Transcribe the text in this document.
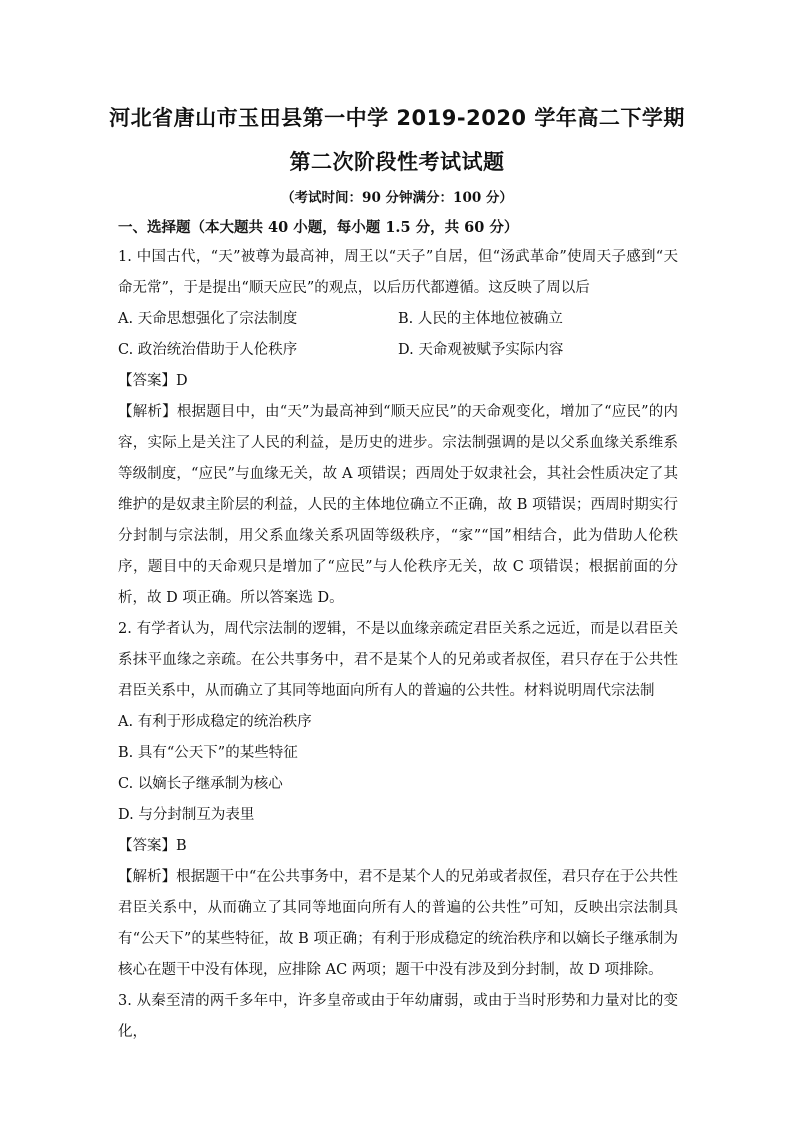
河北省唐山市玉田县第一中学 2019-2020 学年高二下学期
第二次阶段性考试试题
（考试时间：90 分钟满分：100 分）
一、选择题（本大题共 40 小题，每小题 1.5 分，共 60 分）

1. 中国古代，“天”被尊为最高神，周王以“天子”自居，但“汤武革命”使周天子感到“天命无常”，于是提出“顺天应民”的观点，以后历代都遵循。这反映了周以后

A. 天命思想强化了宗法制度	B. 人民的主体地位被确立
C. 政治统治借助于人伦秩序	D. 天命观被赋予实际内容

【答案】D

【解析】根据题目中，由“天”为最高神到“顺天应民”的天命观变化，增加了“应民”的内容，实际上是关注了人民的利益，是历史的进步。宗法制强调的是以父系血缘关系维系等级制度，“应民”与血缘无关，故 A 项错误；西周处于奴隶社会，其社会性质决定了其维护的是奴隶主阶层的利益，人民的主体地位确立不正确，故 B 项错误；西周时期实行分封制与宗法制，用父系血缘关系巩固等级秩序，“家”“国”相结合，此为借助人伦秩序，题目中的天命观只是增加了“应民”与人伦秩序无关，故 C 项错误；根据前面的分析，故 D 项正确。所以答案选 D。

2. 有学者认为，周代宗法制的逻辑，不是以血缘亲疏定君臣关系之远近，而是以君臣关系抹平血缘之亲疏。在公共事务中，君不是某个人的兄弟或者叔侄，君只存在于公共性君臣关系中，从而确立了其同等地面向所有人的普遍的公共性。材料说明周代宗法制

A. 有利于形成稳定的统治秩序
B. 具有“公天下”的某些特征
C. 以嫡长子继承制为核心
D. 与分封制互为表里

【答案】B

【解析】根据题干中“在公共事务中，君不是某个人的兄弟或者叔侄，君只存在于公共性君臣关系中，从而确立了其同等地面向所有人的普遍的公共性”可知，反映出宗法制具有“公天下”的某些特征，故 B 项正确；有利于形成稳定的统治秩序和以嫡长子继承制为核心在题干中没有体现，应排除 AC 两项；题干中没有涉及到分封制，故 D 项排除。

3. 从秦至清的两千多年中，许多皇帝或由于年幼庸弱，或由于当时形势和力量对比的变化，
